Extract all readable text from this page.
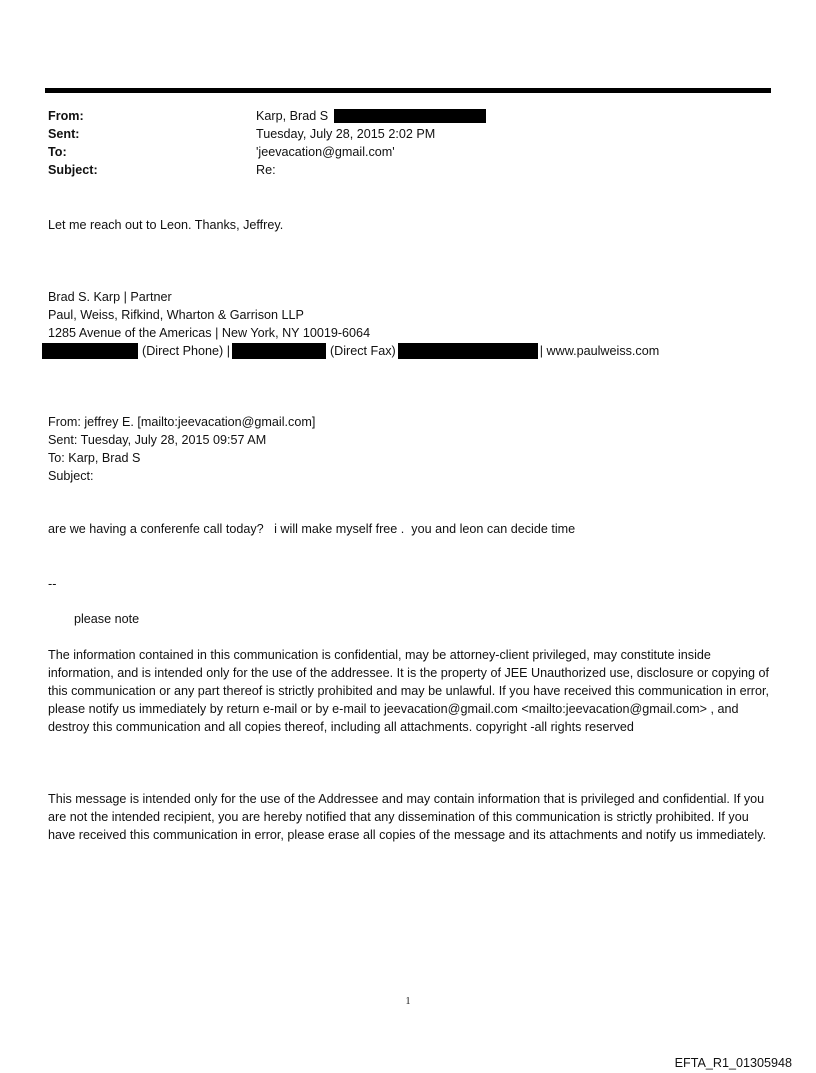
From:	Karp, Brad S
Sent:	Tuesday, July 28, 2015 2:02 PM
To:	'jeevacation@gmail.com'
Subject:	Re:
Let me reach out to Leon. Thanks, Jeffrey.
Brad S. Karp | Partner
Paul, Weiss, Rifkind, Wharton & Garrison LLP
1285 Avenue of the Americas | New York, NY 10019-6064
(Direct Phone) |	(Direct Fax)	| www.paulweiss.com
From: jeffrey E. [mailto:jeevacation@gmail.com]
Sent: Tuesday, July 28, 2015 09:57 AM
To: Karp, Brad S
Subject:
are we having a conferenfe call today?   i will make myself free .  you and leon can decide time
--
please note
The information contained in this communication is confidential, may be attorney-client privileged, may constitute inside information, and is intended only for the use of the addressee. It is the property of JEE Unauthorized use, disclosure or copying of this communication or any part thereof is strictly prohibited and may be unlawful. If you have received this communication in error, please notify us immediately by return e-mail or by e-mail to jeevacation@gmail.com <mailto:jeevacation@gmail.com> , and destroy this communication and all copies thereof, including all attachments. copyright -all rights reserved
This message is intended only for the use of the Addressee and may contain information that is privileged and confidential. If you are not the intended recipient, you are hereby notified that any dissemination of this communication is strictly prohibited. If you have received this communication in error, please erase all copies of the message and its attachments and notify us immediately.
1
EFTA_R1_01305948
